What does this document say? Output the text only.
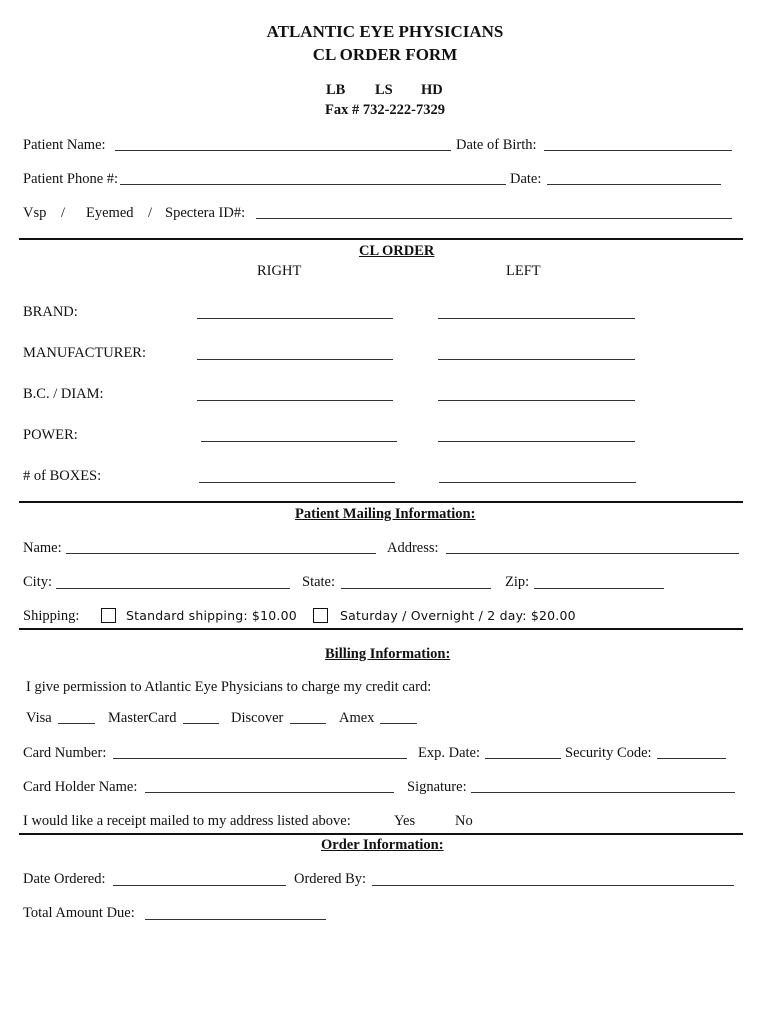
ATLANTIC EYE PHYSICIANS
CL ORDER FORM
LB LS HD
Fax # 732-222-7329
Patient Name:	Date of Birth:
Patient Phone #:	Date:
Vsp / Eyemed / Spectera ID#:
CL ORDER
RIGHT	LEFT
BRAND:
MANUFACTURER:
B.C. / DIAM:
POWER:
# of BOXES:
Patient Mailing Information:
Name:	Address:
City:	State:	Zip:
Shipping:	Standard shipping: $10.00	Saturday / Overnight / 2 day: $20.00
Billing Information:
I give permission to Atlantic Eye Physicians to charge my credit card:
Visa	MasterCard	Discover	Amex
Card Number:	Exp. Date:	Security Code:
Card Holder Name:	Signature:
I would like a receipt mailed to my address listed above:	Yes	No
Order Information:
Date Ordered:	Ordered By:
Total Amount Due:
